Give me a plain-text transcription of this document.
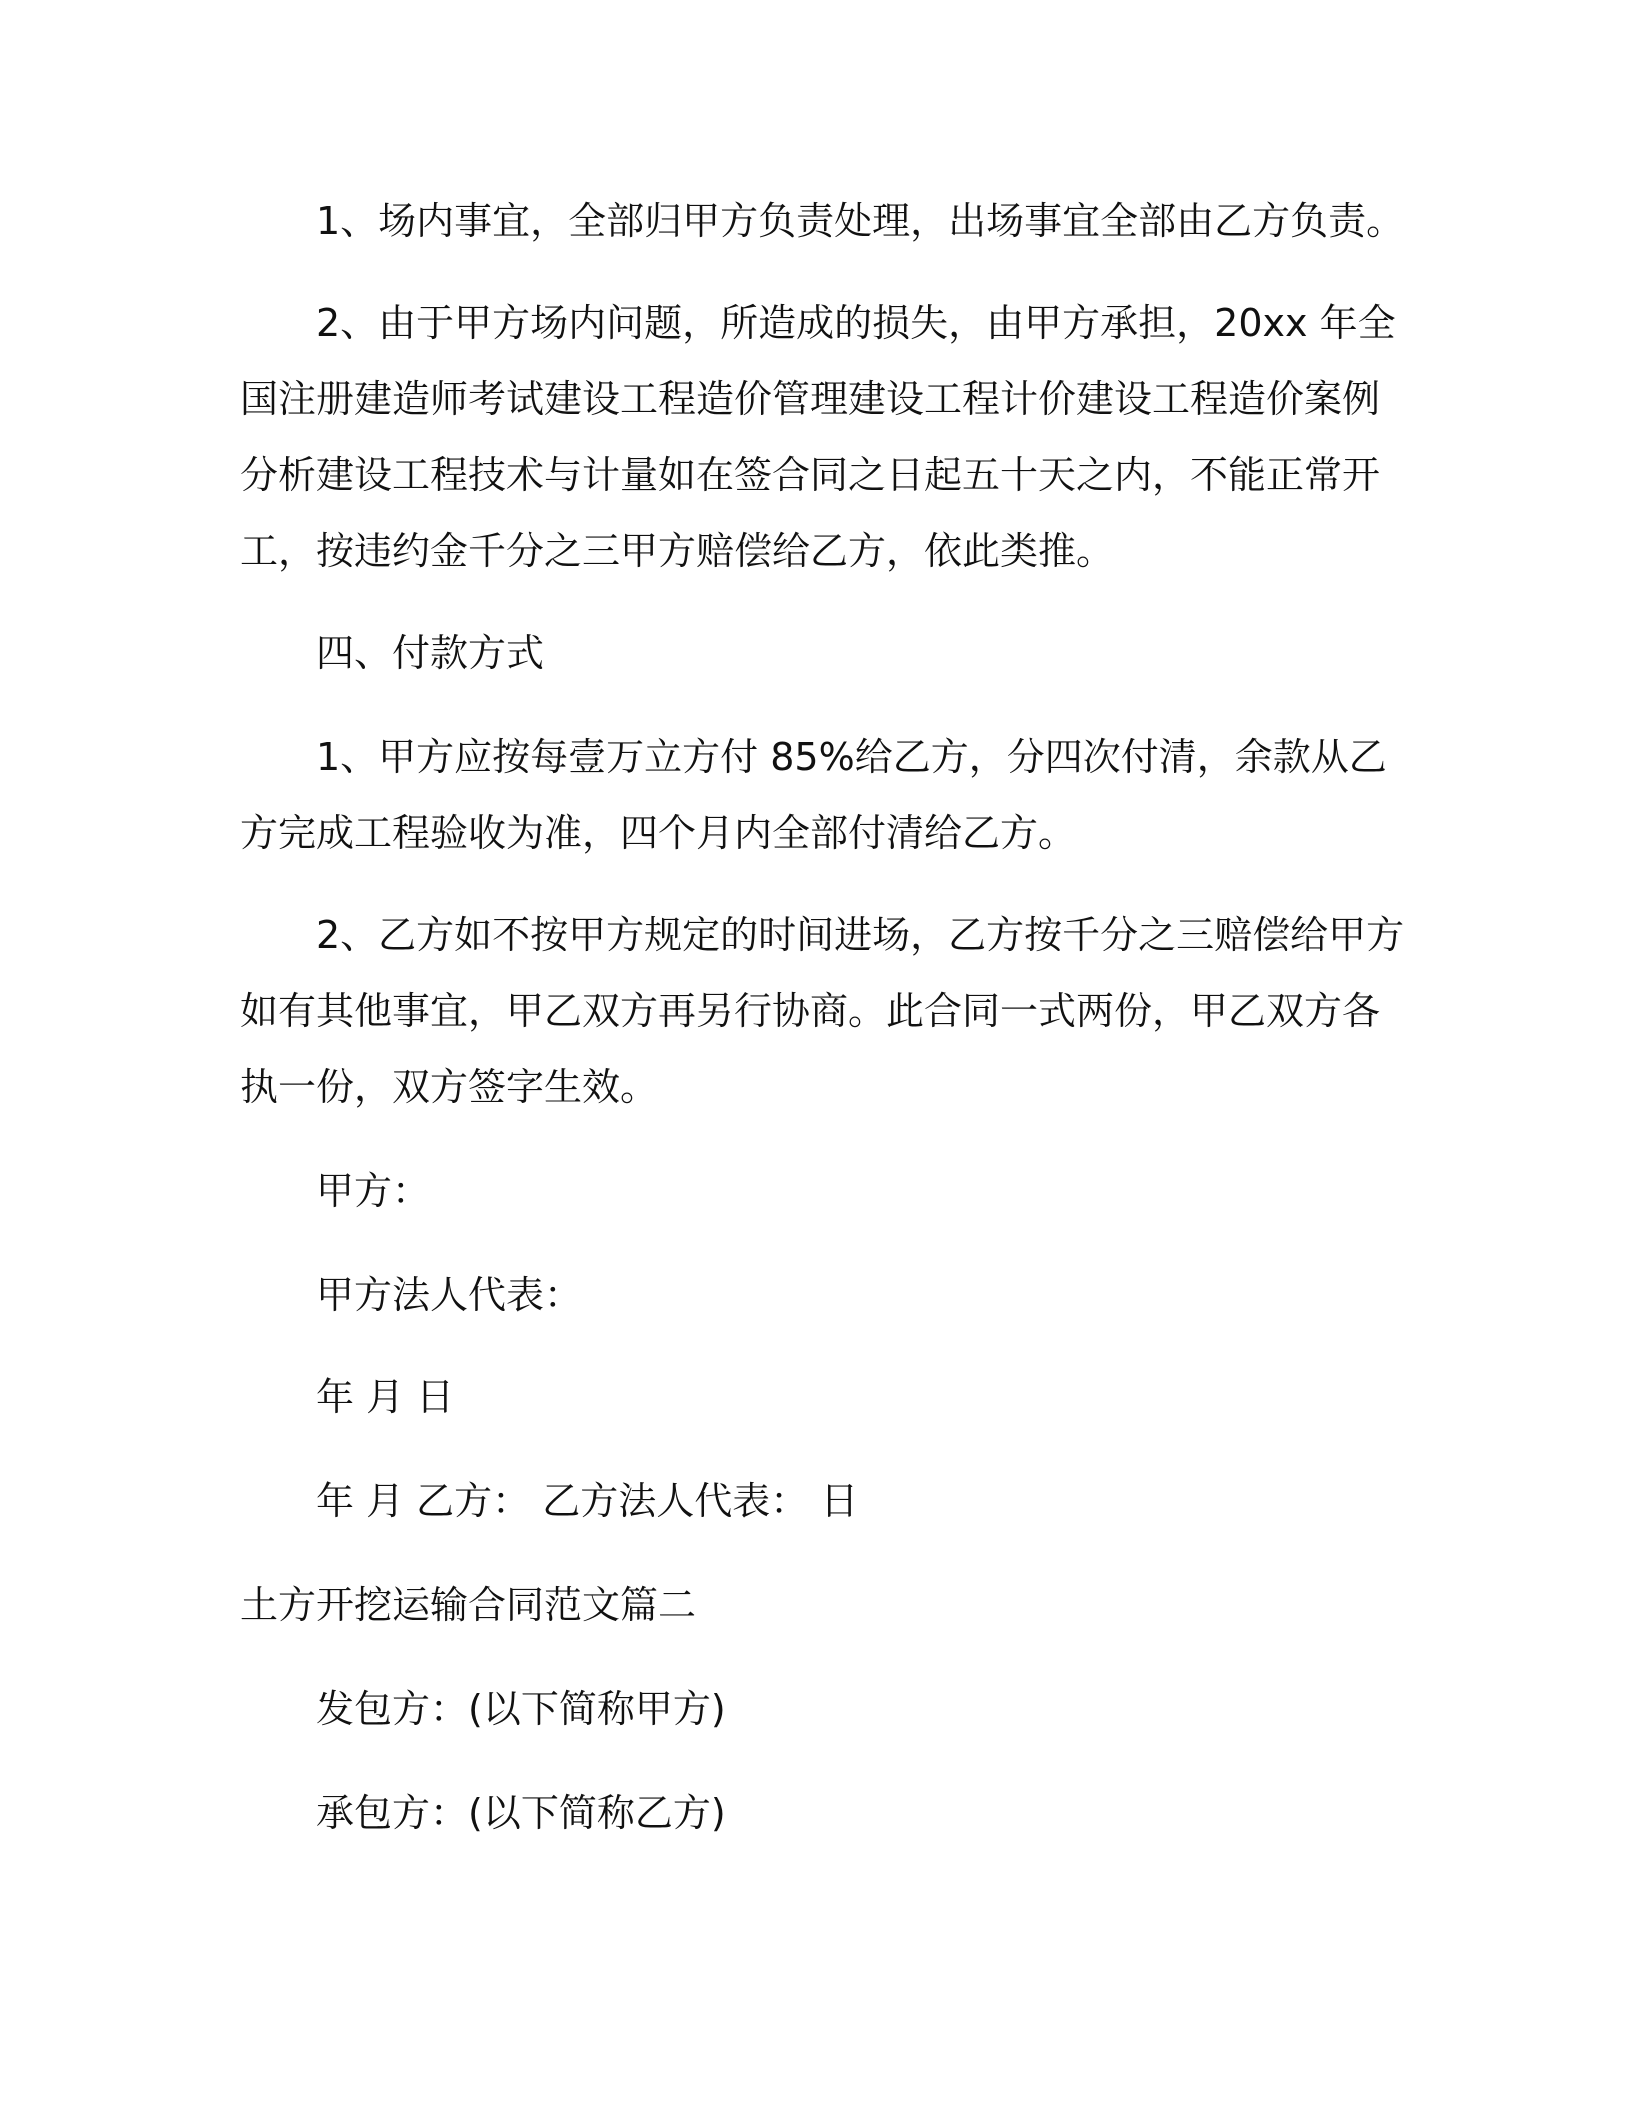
1、场内事宜，全部归甲方负责处理，出场事宜全部由乙方负责。

2、由于甲方场内问题，所造成的损失，由甲方承担，20xx 年全

国注册建造师考试建设工程造价管理建设工程计价建设工程造价案例

分析建设工程技术与计量如在签合同之日起五十天之内，不能正常开

工，按违约金千分之三甲方赔偿给乙方，依此类推。

四、付款方式

1、甲方应按每壹万立方付 85%给乙方，分四次付清，余款从乙

方完成工程验收为准，四个月内全部付清给乙方。

2、乙方如不按甲方规定的时间进场，乙方按千分之三赔偿给甲方

如有其他事宜，甲乙双方再另行协商。此合同一式两份，甲乙双方各

执一份，双方签字生效。

甲方：

甲方法人代表：

年 月 日

年 月 乙方： 乙方法人代表： 日

土方开挖运输合同范文篇二

发包方：(以下简称甲方)

承包方：(以下简称乙方)
